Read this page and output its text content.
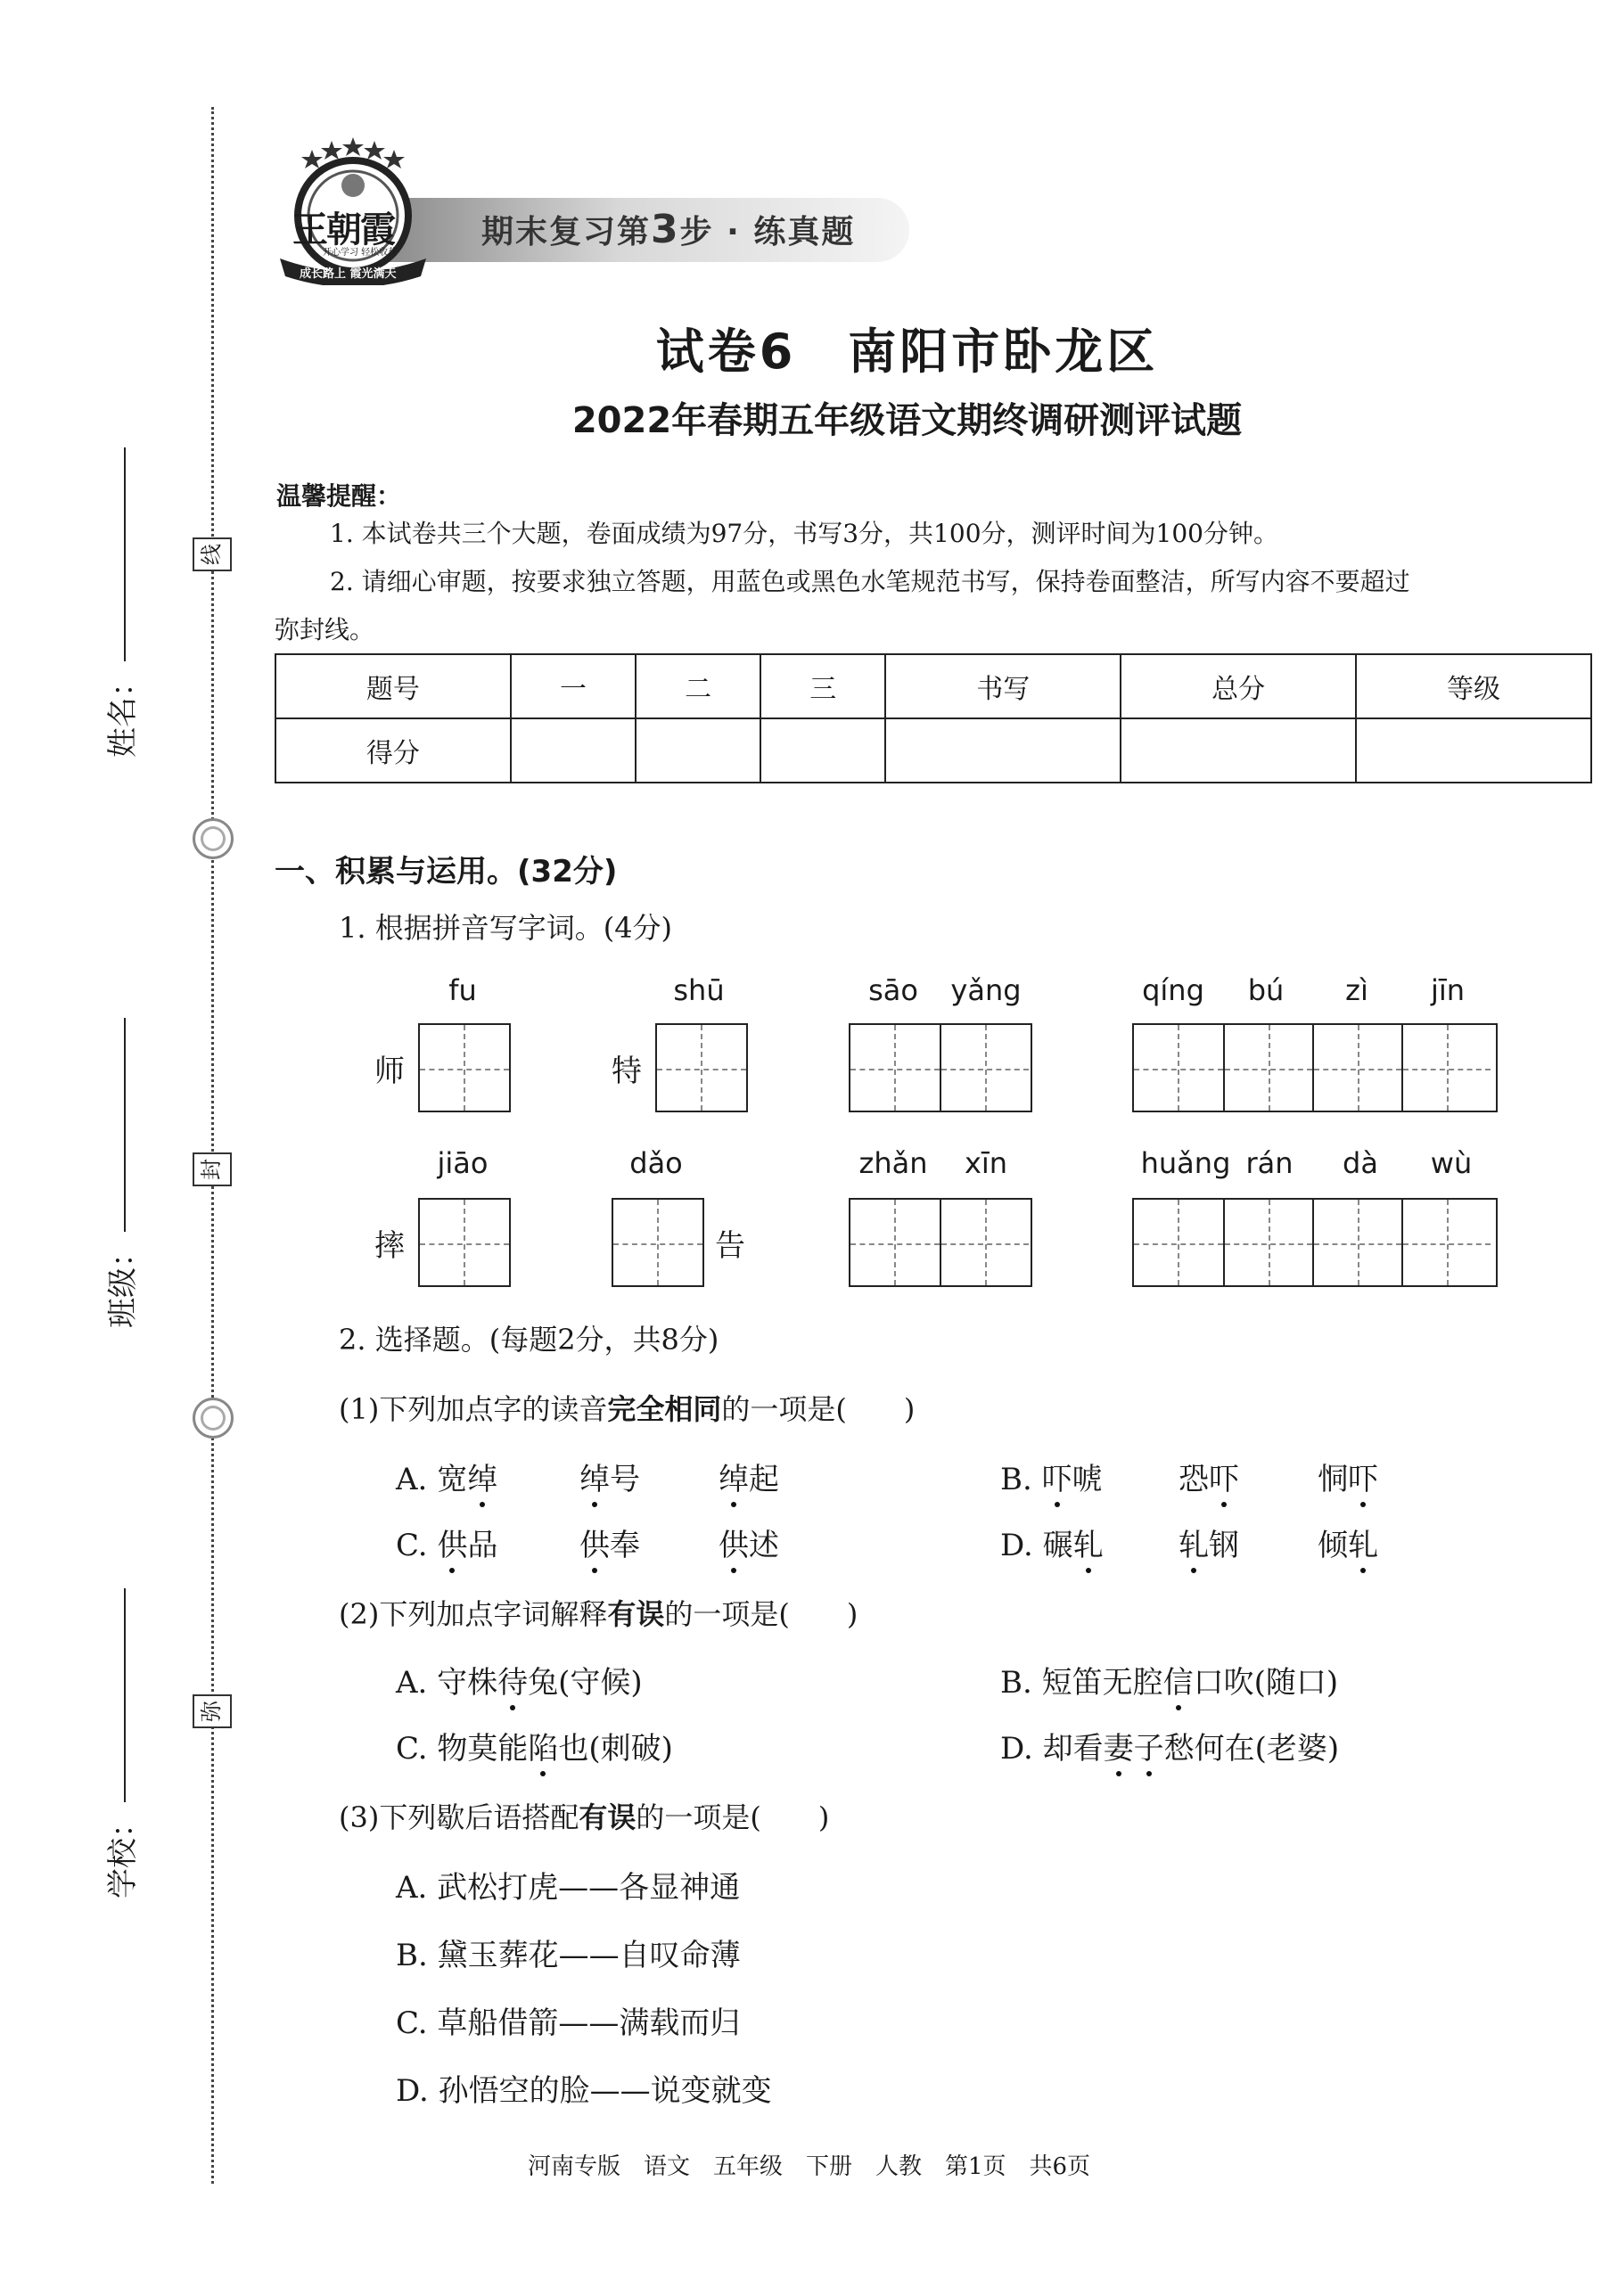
线
封
弥
姓名：
班级：
学校：
期末复习第3步 · 练真题
王朝霞
开心学习 轻松收获
成长路上 霞光满天
试卷6　南阳市卧龙区
2022年春期五年级语文期终调研测评试题
温馨提醒：
1. 本试卷共三个大题，卷面成绩为97分，书写3分，共100分，测评时间为100分钟。
2. 请细心审题，按要求独立答题，用蓝色或黑色水笔规范书写，保持卷面整洁，所写内容不要超过
弥封线。
题号	一	二	三	书写	总分	等级
得分						
一、积累与运用。(32分)
1. 根据拼音写字词。(4分)
fu	shū	sāo	yǎng	qíng	bú	zì	jīn
师	特
jiāo	dǎo	zhǎn	xīn	huǎng rán	dà	wù
摔	告
2. 选择题。(每题2分，共8分)
(1)下列加点字的读音完全相同的一项是(　　)
A. 宽绰	绰号	绰起	B. 吓唬	恐吓	恫吓
C. 供品	供奉	供述	D. 碾轧 轧钢	倾轧
(2)下列加点字词解释有误的一项是(　　)
A. 守株待兔(守候)	B. 短笛无腔信口吹(随口)
C. 物莫能陷也(刺破)	D. 却看妻子愁何在(老婆)
(3)下列歇后语搭配有误的一项是(　　)
A. 武松打虎——各显神通
B. 黛玉葬花——自叹命薄
C. 草船借箭——满载而归
D. 孙悟空的脸——说变就变
河南专版　语文　五年级　下册　人教　第1页　共6页
